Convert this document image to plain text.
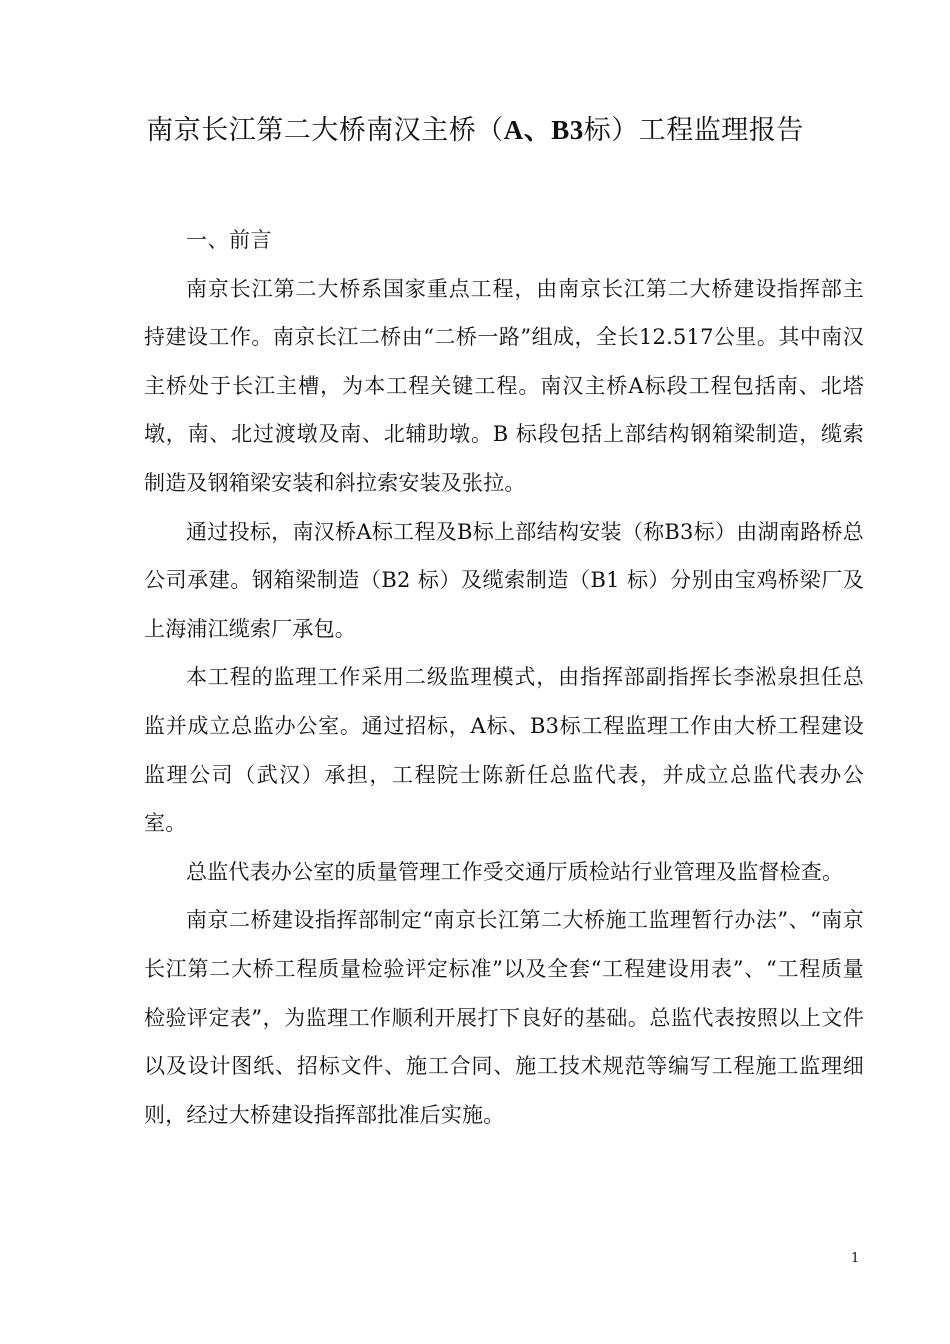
南京长江第二大桥南汉主桥（A、B3标）工程监理报告

一、前言

南京长江第二大桥系国家重点工程，由南京长江第二大桥建设指挥部主持建设工作。南京长江二桥由“二桥一路”组成，全长12.517公里。其中南汉主桥处于长江主槽，为本工程关键工程。南汉主桥A标段工程包括南、北塔墩，南、北过渡墩及南、北辅助墩。B 标段包括上部结构钢箱梁制造，缆索制造及钢箱梁安装和斜拉索安装及张拉。

通过投标，南汉桥A标工程及B标上部结构安装（称B3标）由湖南路桥总公司承建。钢箱梁制造（B2 标）及缆索制造（B1 标）分别由宝鸡桥梁厂及上海浦江缆索厂承包。

本工程的监理工作采用二级监理模式，由指挥部副指挥长李淞泉担任总监并成立总监办公室。通过招标，A标、B3标工程监理工作由大桥工程建设监理公司（武汉）承担，工程院士陈新任总监代表，并成立总监代表办公室。

总监代表办公室的质量管理工作受交通厅质检站行业管理及监督检查。

南京二桥建设指挥部制定“南京长江第二大桥施工监理暂行办法”、“南京长江第二大桥工程质量检验评定标准”以及全套“工程建设用表”、“工程质量检验评定表”，为监理工作顺利开展打下良好的基础。总监代表按照以上文件以及设计图纸、招标文件、施工合同、施工技术规范等编写工程施工监理细则，经过大桥建设指挥部批准后实施。

1
